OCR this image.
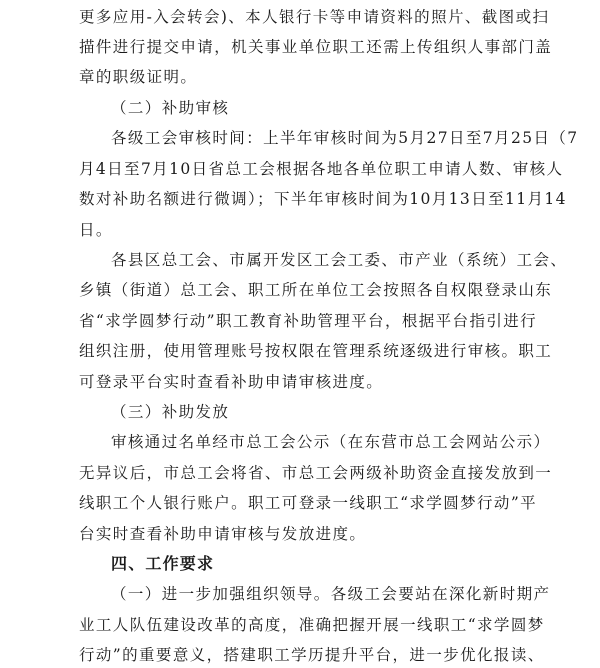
更多应用-入会转会)、本人银行卡等申请资料的照片、截图或扫
描件进行提交申请，机关事业单位职工还需上传组织人事部门盖
章的职级证明。
（二）补助审核
各级工会审核时间：上半年审核时间为5月27日至7月25日（7
月4日至7月10日省总工会根据各地各单位职工申请人数、审核人
数对补助名额进行微调）；下半年审核时间为10月13日至11月14
日。
各县区总工会、市属开发区工会工委、市产业（系统）工会、
乡镇（街道）总工会、职工所在单位工会按照各自权限登录山东
省“求学圆梦行动”职工教育补助管理平台，根据平台指引进行
组织注册，使用管理账号按权限在管理系统逐级进行审核。职工
可登录平台实时查看补助申请审核进度。
（三）补助发放
审核通过名单经市总工会公示（在东营市总工会网站公示）
无异议后，市总工会将省、市总工会两级补助资金直接发放到一
线职工个人银行账户。职工可登录一线职工“求学圆梦行动”平
台实时查看补助申请审核与发放进度。
四、工作要求
（一）进一步加强组织领导。各级工会要站在深化新时期产
业工人队伍建设改革的高度，准确把握开展一线职工“求学圆梦
行动”的重要意义，搭建职工学历提升平台，进一步优化报读、
